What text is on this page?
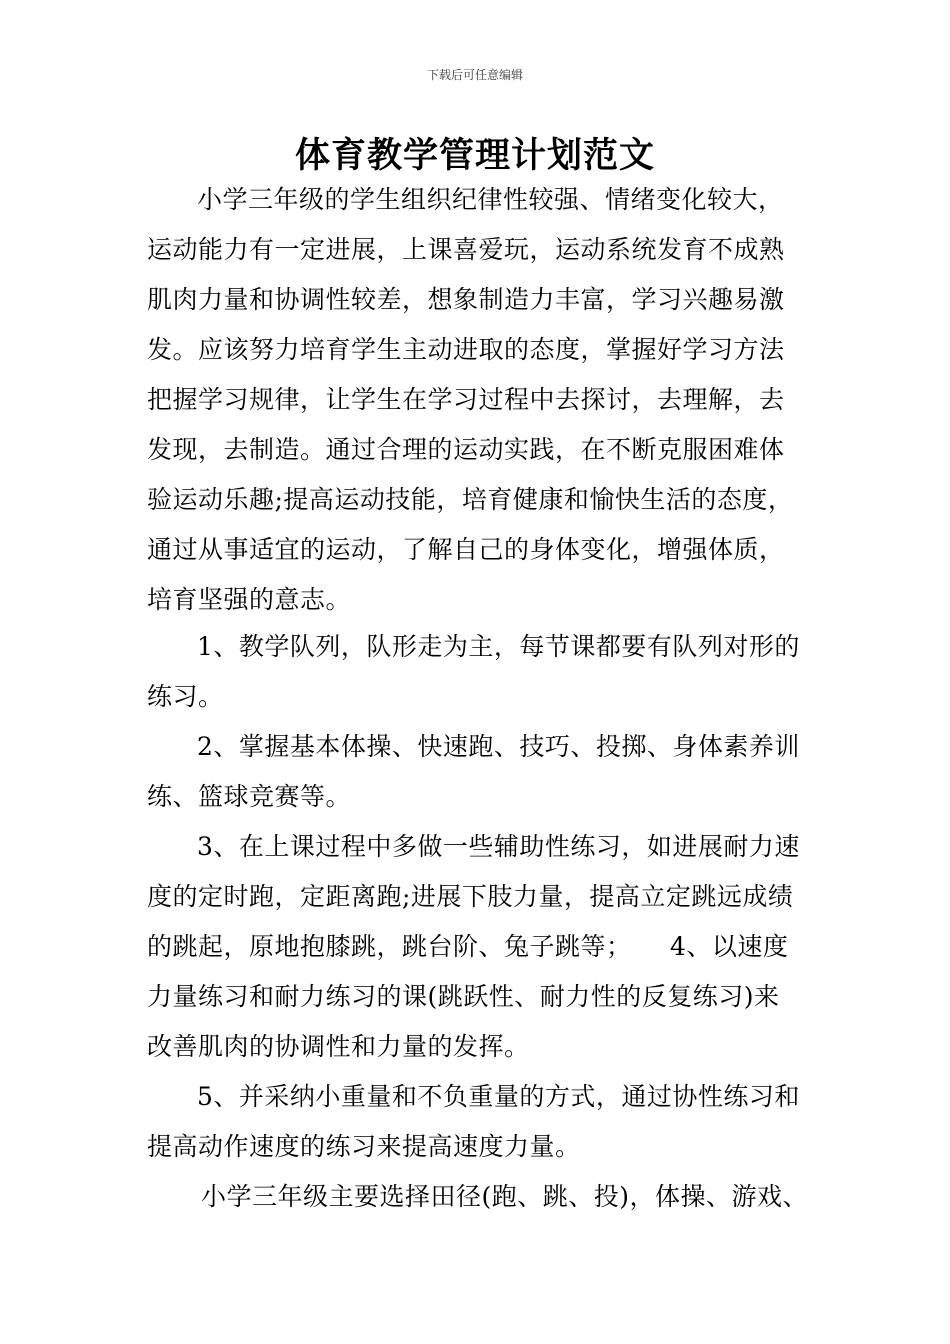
下载后可任意编辑
体育教学管理计划范文
小学三年级的学生组织纪律性较强、情绪变化较大，
运动能力有一定进展，上课喜爱玩，运动系统发育不成熟
肌肉力量和协调性较差，想象制造力丰富，学习兴趣易激
发。应该努力培育学生主动进取的态度，掌握好学习方法
把握学习规律，让学生在学习过程中去探讨，去理解，去
发现，去制造。通过合理的运动实践，在不断克服困难体
验运动乐趣;提高运动技能，培育健康和愉快生活的态度，
通过从事适宜的运动，了解自己的身体变化，增强体质，
培育坚强的意志。
1、教学队列，队形走为主，每节课都要有队列对形的
练习。
2、掌握基本体操、快速跑、技巧、投掷、身体素养训
练、篮球竞赛等。
3、在上课过程中多做一些辅助性练习，如进展耐力速
度的定时跑，定距离跑;进展下肢力量，提高立定跳远成绩
的跳起，原地抱膝跳，跳台阶、兔子跳等；　　4、以速度
力量练习和耐力练习的课(跳跃性、耐力性的反复练习)来
改善肌肉的协调性和力量的发挥。
5、并采纳小重量和不负重量的方式，通过协性练习和
提高动作速度的练习来提高速度力量。
小学三年级主要选择田径(跑、跳、投)，体操、游戏、
